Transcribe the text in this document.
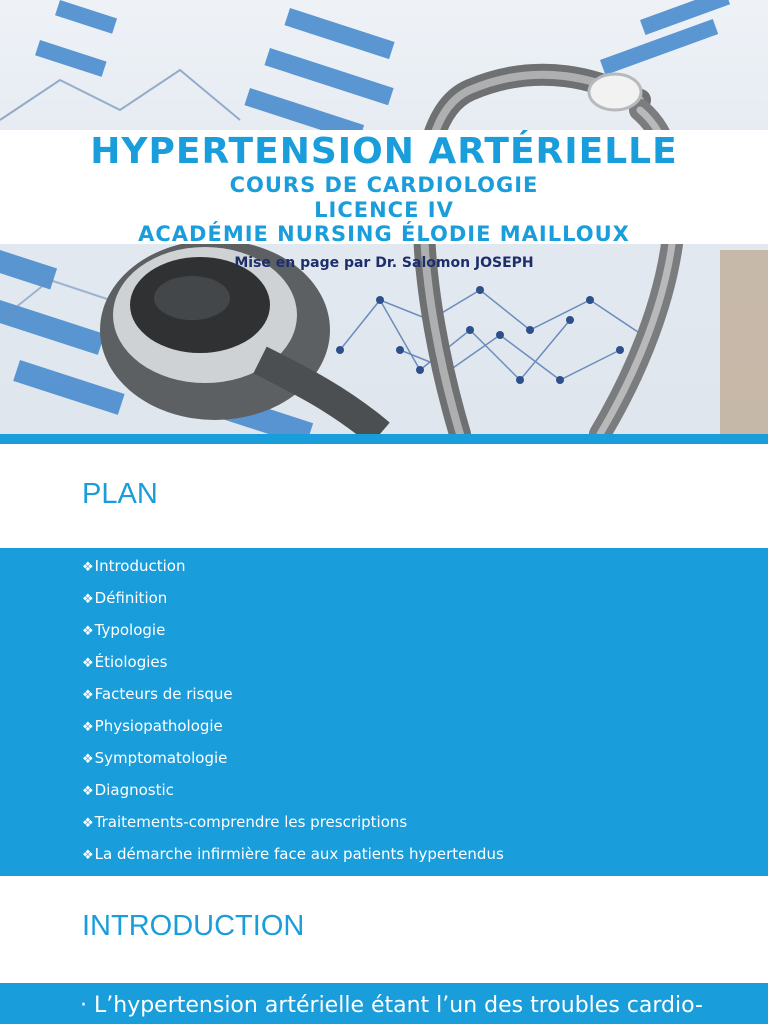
HYPERTENSION ARTÉRIELLE
COURS DE CARDIOLOGIE
LICENCE IV
ACADÉMIE NURSING ÉLODIE MAILLOUX
Mise en page par Dr. Salomon JOSEPH
PLAN
❖Introduction
❖Définition
❖Typologie
❖Étiologies
❖Facteurs de risque
❖Physiopathologie
❖Symptomatologie
❖Diagnostic
❖Traitements-comprendre les prescriptions
❖La démarche infirmière face aux patients hypertendus
INTRODUCTION
· L’hypertension artérielle étant l’un des troubles cardio-
